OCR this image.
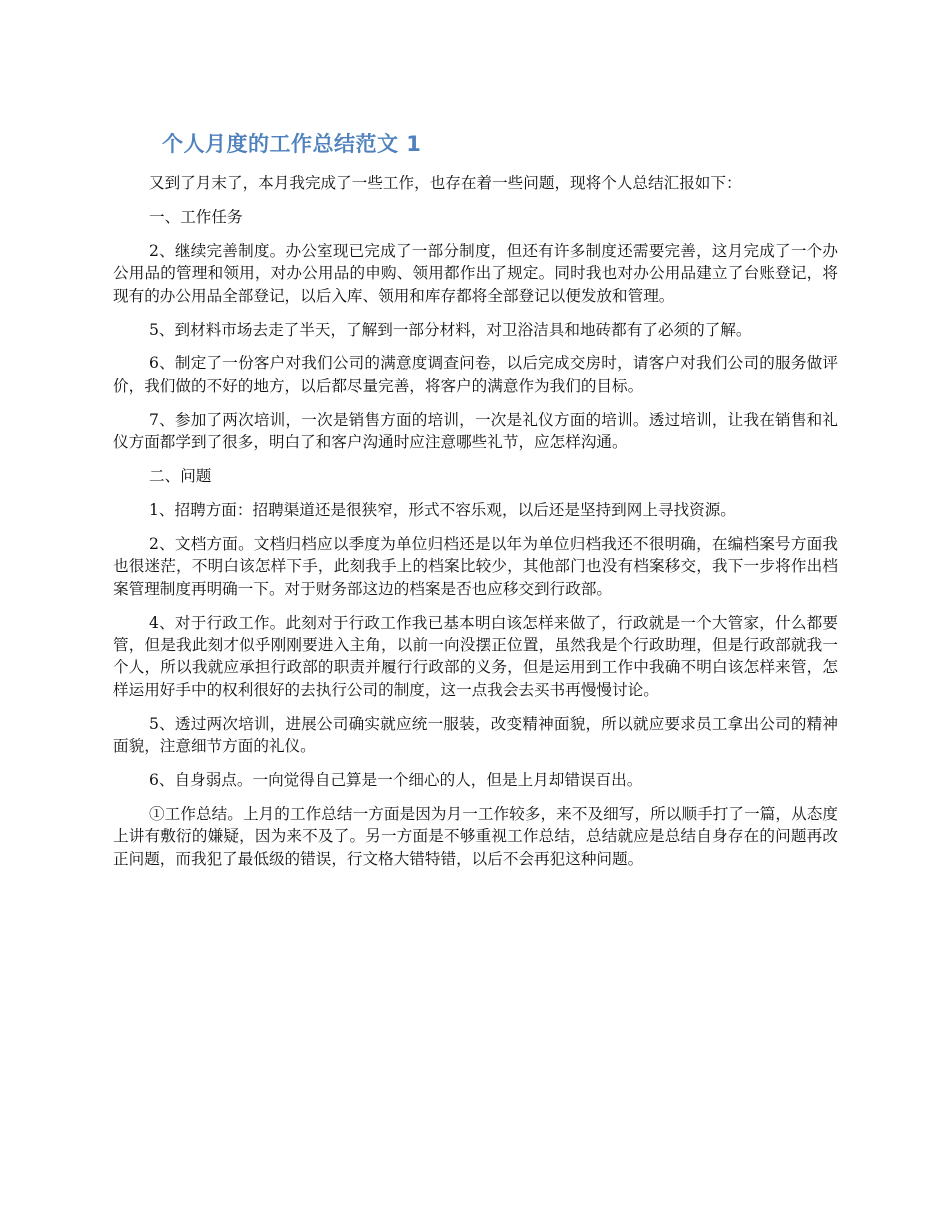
个人月度的工作总结范文 1

又到了月末了，本月我完成了一些工作，也存在着一些问题，现将个人总结汇报如下：

一、工作任务

2、继续完善制度。办公室现已完成了一部分制度，但还有许多制度还需要完善，这月完成了一个办公用品的管理和领用，对办公用品的申购、领用都作出了规定。同时我也对办公用品建立了台账登记，将现有的办公用品全部登记，以后入库、领用和库存都将全部登记以便发放和管理。

5、到材料市场去走了半天，了解到一部分材料，对卫浴洁具和地砖都有了必须的了解。

6、制定了一份客户对我们公司的满意度调查问卷，以后完成交房时，请客户对我们公司的服务做评价，我们做的不好的地方，以后都尽量完善，将客户的满意作为我们的目标。

7、参加了两次培训，一次是销售方面的培训，一次是礼仪方面的培训。透过培训，让我在销售和礼仪方面都学到了很多，明白了和客户沟通时应注意哪些礼节，应怎样沟通。

二、问题

1、招聘方面：招聘渠道还是很狭窄，形式不容乐观，以后还是坚持到网上寻找资源。

2、文档方面。文档归档应以季度为单位归档还是以年为单位归档我还不很明确，在编档案号方面我也很迷茫，不明白该怎样下手，此刻我手上的档案比较少，其他部门也没有档案移交，我下一步将作出档案管理制度再明确一下。对于财务部这边的档案是否也应移交到行政部。

4、对于行政工作。此刻对于行政工作我已基本明白该怎样来做了，行政就是一个大管家，什么都要管，但是我此刻才似乎刚刚要进入主角，以前一向没摆正位置，虽然我是个行政助理，但是行政部就我一个人，所以我就应承担行政部的职责并履行行政部的义务，但是运用到工作中我确不明白该怎样来管，怎样运用好手中的权利很好的去执行公司的制度，这一点我会去买书再慢慢讨论。

5、透过两次培训，进展公司确实就应统一服装，改变精神面貌，所以就应要求员工拿出公司的精神面貌，注意细节方面的礼仪。

6、自身弱点。一向觉得自己算是一个细心的人，但是上月却错误百出。

①工作总结。上月的工作总结一方面是因为月一工作较多，来不及细写，所以顺手打了一篇，从态度上讲有敷衍的嫌疑，因为来不及了。另一方面是不够重视工作总结，总结就应是总结自身存在的问题再改正问题，而我犯了最低级的错误，行文格大错特错，以后不会再犯这种问题。
